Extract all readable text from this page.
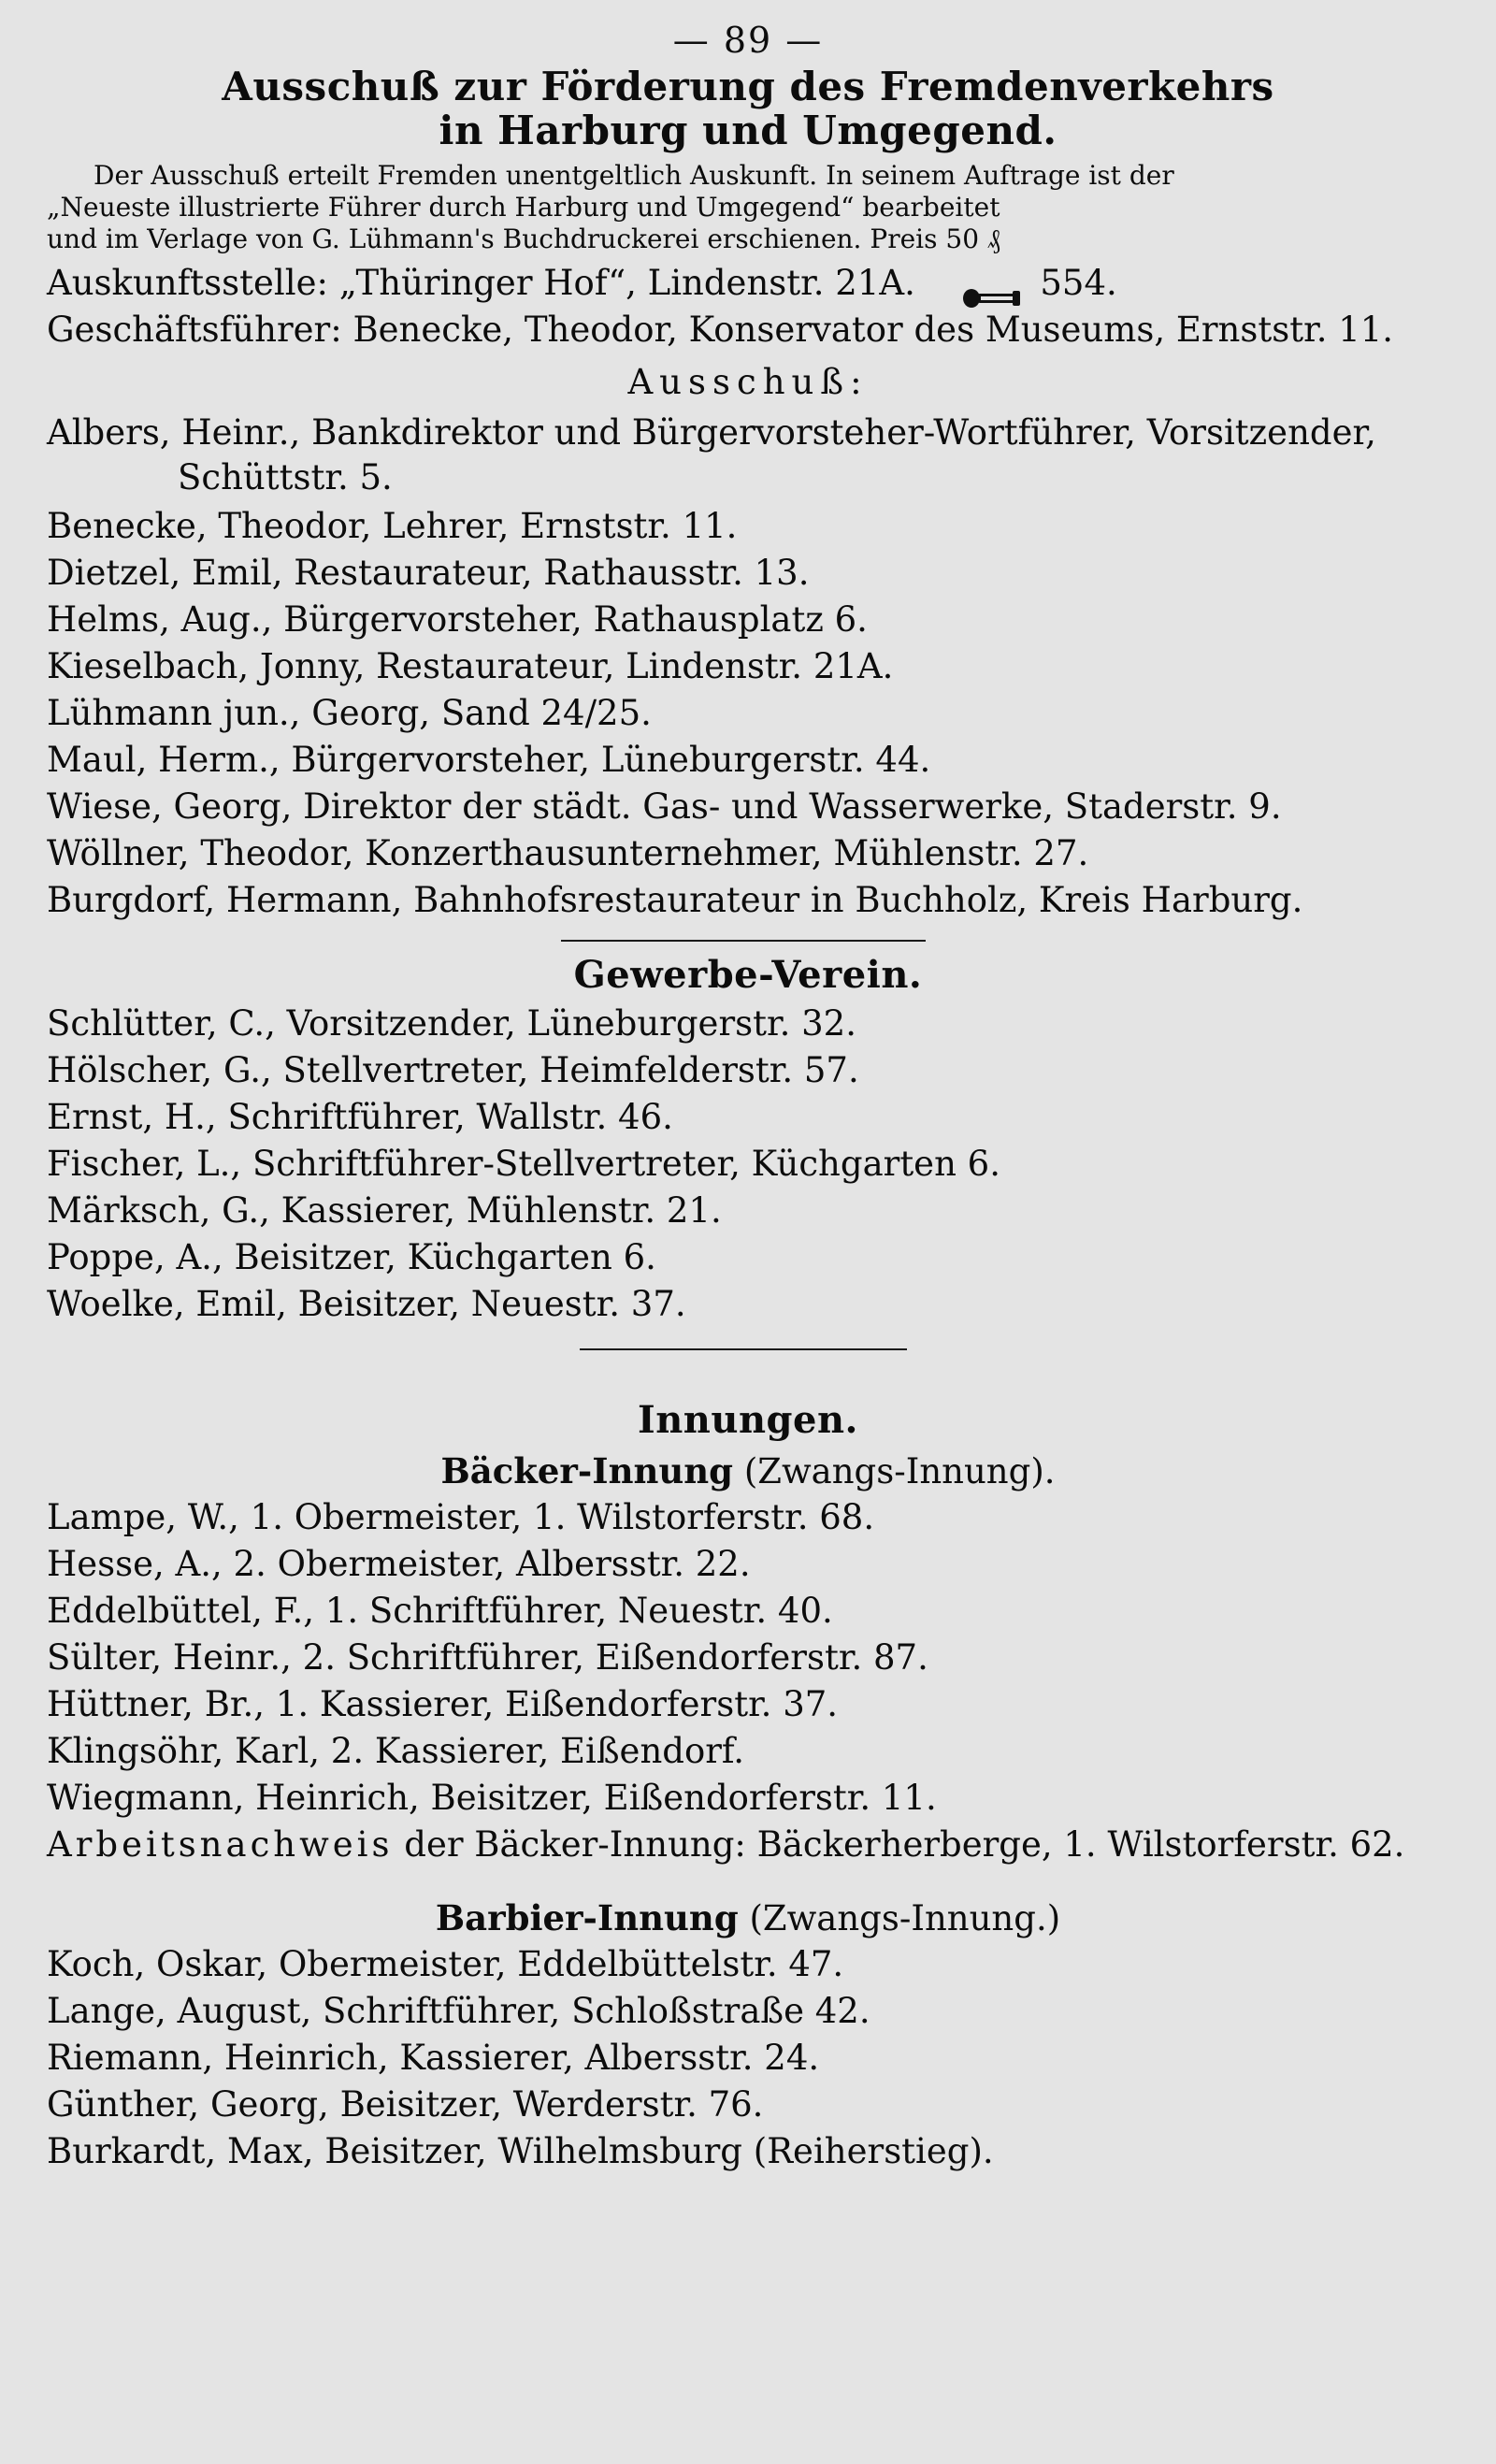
— 89 —

Ausschuß zur Förderung des Fremdenverkehrs

in Harburg und Umgegend.

Der Ausschuß erteilt Fremden unentgeltlich Auskunft. In seinem Auftrage ist der

„Neueste illustrierte Führer durch Harburg und Umgegend“ bearbeitet

und im Verlage von G. Lühmann's Buchdruckerei erschienen. Preis 50 ₰

Auskunftsstelle: „Thüringer Hof“, Lindenstr. 21A.	554.

Geschäftsführer: Benecke, Theodor, Konservator des Museums, Ernststr. 11.

Ausschuß:

Albers, Heinr., Bankdirektor und Bürgervorsteher-Wortführer, Vorsitzender,

Schüttstr. 5.

Benecke, Theodor, Lehrer, Ernststr. 11.

Dietzel, Emil, Restaurateur, Rathausstr. 13.

Helms, Aug., Bürgervorsteher, Rathausplatz 6.

Kieselbach, Jonny, Restaurateur, Lindenstr. 21A.

Lühmann jun., Georg, Sand 24/25.

Maul, Herm., Bürgervorsteher, Lüneburgerstr. 44.

Wiese, Georg, Direktor der städt. Gas- und Wasserwerke, Staderstr. 9.

Wöllner, Theodor, Konzerthausunternehmer, Mühlenstr. 27.

Burgdorf, Hermann, Bahnhofsrestaurateur in Buchholz, Kreis Harburg.

Gewerbe-Verein.

Schlütter, C., Vorsitzender, Lüneburgerstr. 32.

Hölscher, G., Stellvertreter, Heimfelderstr. 57.

Ernst, H., Schriftführer, Wallstr. 46.

Fischer, L., Schriftführer-Stellvertreter, Küchgarten 6.

Märksch, G., Kassierer, Mühlenstr. 21.

Poppe, A., Beisitzer, Küchgarten 6.

Woelke, Emil, Beisitzer, Neuestr. 37.

Innungen.

Bäcker-Innung (Zwangs-Innung).

Lampe, W., 1. Obermeister, 1. Wilstorferstr. 68.

Hesse, A., 2. Obermeister, Albersstr. 22.

Eddelbüttel, F., 1. Schriftführer, Neuestr. 40.

Sülter, Heinr., 2. Schriftführer, Eißendorferstr. 87.

Hüttner, Br., 1. Kassierer, Eißendorferstr. 37.

Klingsöhr, Karl, 2. Kassierer, Eißendorf.

Wiegmann, Heinrich, Beisitzer, Eißendorferstr. 11.

Arbeitsnachweis der Bäcker-Innung: Bäckerherberge, 1. Wilstorferstr. 62.

Barbier-Innung (Zwangs-Innung.)

Koch, Oskar, Obermeister, Eddelbüttelstr. 47.

Lange, August, Schriftführer, Schloßstraße 42.

Riemann, Heinrich, Kassierer, Albersstr. 24.

Günther, Georg, Beisitzer, Werderstr. 76.

Burkardt, Max, Beisitzer, Wilhelmsburg (Reiherstieg).
